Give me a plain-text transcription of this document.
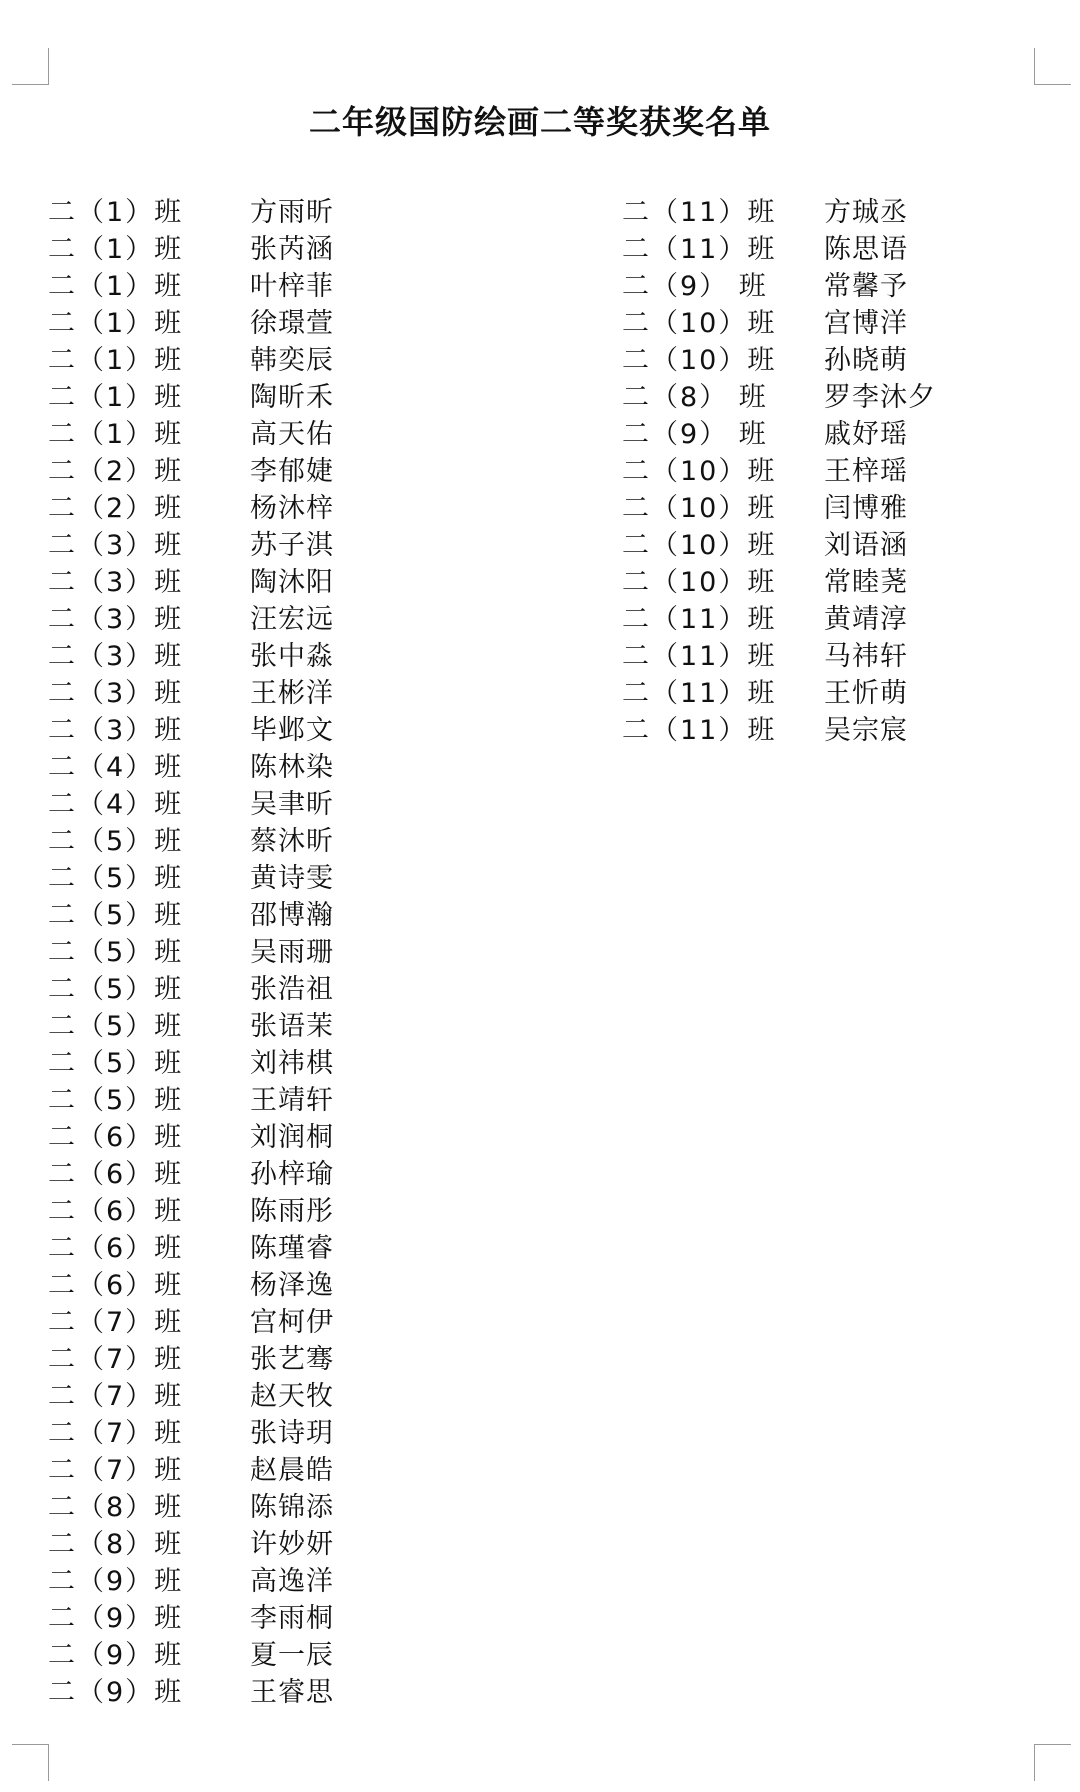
二年级国防绘画二等奖获奖名单
二（1）班 方雨昕
二（1）班 张芮涵
二（1）班 叶梓菲
二（1）班 徐璟萱
二（1）班 韩奕辰
二（1）班 陶昕禾
二（1）班 高天佑
二（2）班 李郁婕
二（2）班 杨沐梓
二（3）班 苏子淇
二（3）班 陶沐阳
二（3）班 汪宏远
二（3）班 张中淼
二（3）班 王彬洋
二（3）班 毕邺文
二（4）班 陈林染
二（4）班 吴聿昕
二（5）班 蔡沐昕
二（5）班 黄诗雯
二（5）班 邵博瀚
二（5）班 吴雨珊
二（5）班 张浩祖
二（5）班 张语茉
二（5）班 刘祎棋
二（5）班 王靖轩
二（6）班 刘润桐
二（6）班 孙梓瑜
二（6）班 陈雨彤
二（6）班 陈瑾睿
二（6）班 杨泽逸
二（7）班 宫柯伊
二（7）班 张艺骞
二（7）班 赵天牧
二（7）班 张诗玥
二（7）班 赵晨皓
二（8）班 陈锦添
二（8）班 许妙妍
二（9）班 高逸洋
二（9）班 李雨桐
二（9）班 夏一辰
二（9）班 王睿思
二（11）班 方珹丞
二（11）班 陈思语
二（9） 班 常馨予
二（10）班 宫博洋
二（10）班 孙晓萌
二（8） 班 罗李沐夕
二（9） 班 戚妤瑶
二（10）班 王梓瑶
二（10）班 闫博雅
二（10）班 刘语涵
二（10）班 常睦荛
二（11）班 黄靖淳
二（11）班 马祎轩
二（11）班 王忻萌
二（11）班 吴宗宸
